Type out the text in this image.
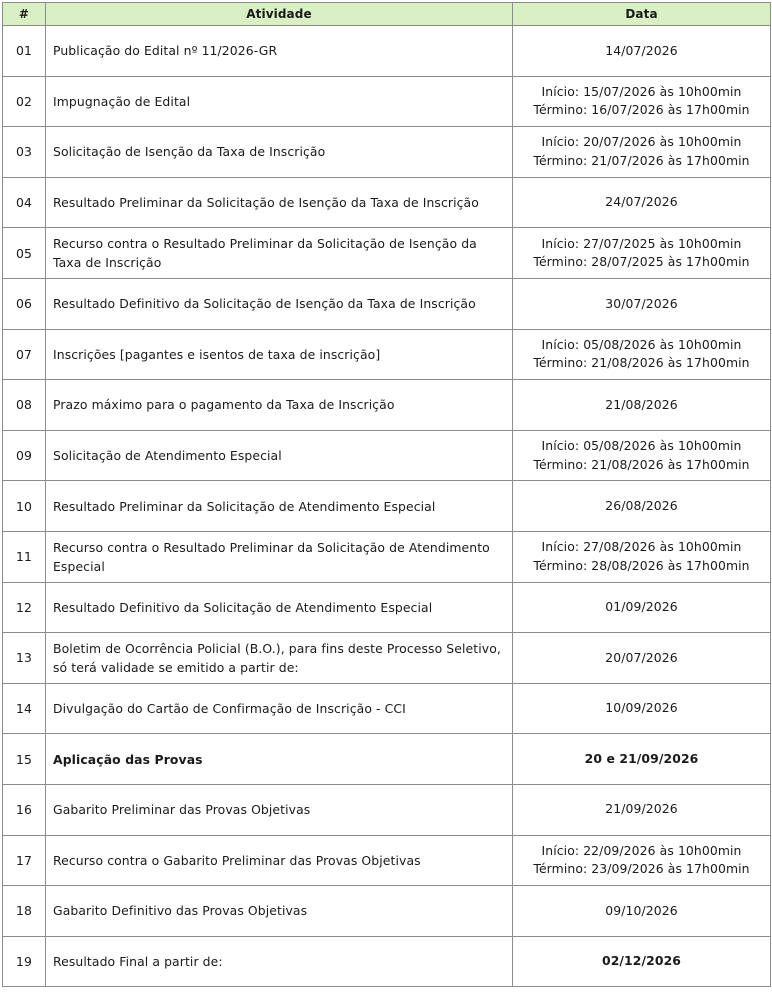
#	Atividade	Data
01	Publicação do Edital nº 11/2026-GR	14/07/2026

02	Impugnação de Edital	Início: 15/07/2026 às 10h00min
Término: 16/07/2026 às 17h00min

03	Solicitação de Isenção da Taxa de Inscrição	Início: 20/07/2026 às 10h00min
Término: 21/07/2026 às 17h00min

04	Resultado Preliminar da Solicitação de Isenção da Taxa de Inscrição	24/07/2026

05	Recurso contra o Resultado Preliminar da Solicitação de Isenção da Taxa de Inscrição	Início: 27/07/2025 às 10h00min
Término: 28/07/2025 às 17h00min

06	Resultado Definitivo da Solicitação de Isenção da Taxa de Inscrição	30/07/2026

07	Inscrições [pagantes e isentos de taxa de inscrição]	Início: 05/08/2026 às 10h00min
Término: 21/08/2026 às 17h00min

08	Prazo máximo para o pagamento da Taxa de Inscrição	21/08/2026

09	Solicitação de Atendimento Especial	Início: 05/08/2026 às 10h00min
Término: 21/08/2026 às 17h00min

10	Resultado Preliminar da Solicitação de Atendimento Especial	26/08/2026

11	Recurso contra o Resultado Preliminar da Solicitação de Atendimento Especial	Início: 27/08/2026 às 10h00min
Término: 28/08/2026 às 17h00min

12	Resultado Definitivo da Solicitação de Atendimento Especial	01/09/2026

13	Boletim de Ocorrência Policial (B.O.), para fins deste Processo Seletivo, só terá validade se emitido a partir de:	20/07/2026

14	Divulgação do Cartão de Confirmação de Inscrição - CCI	10/09/2026

15	Aplicação das Provas	20 e 21/09/2026

16	Gabarito Preliminar das Provas Objetivas	21/09/2026

17	Recurso contra o Gabarito Preliminar das Provas Objetivas	Início: 22/09/2026 às 10h00min
Término: 23/09/2026 às 17h00min

18	Gabarito Definitivo das Provas Objetivas	09/10/2026

19	Resultado Final a partir de:	02/12/2026
